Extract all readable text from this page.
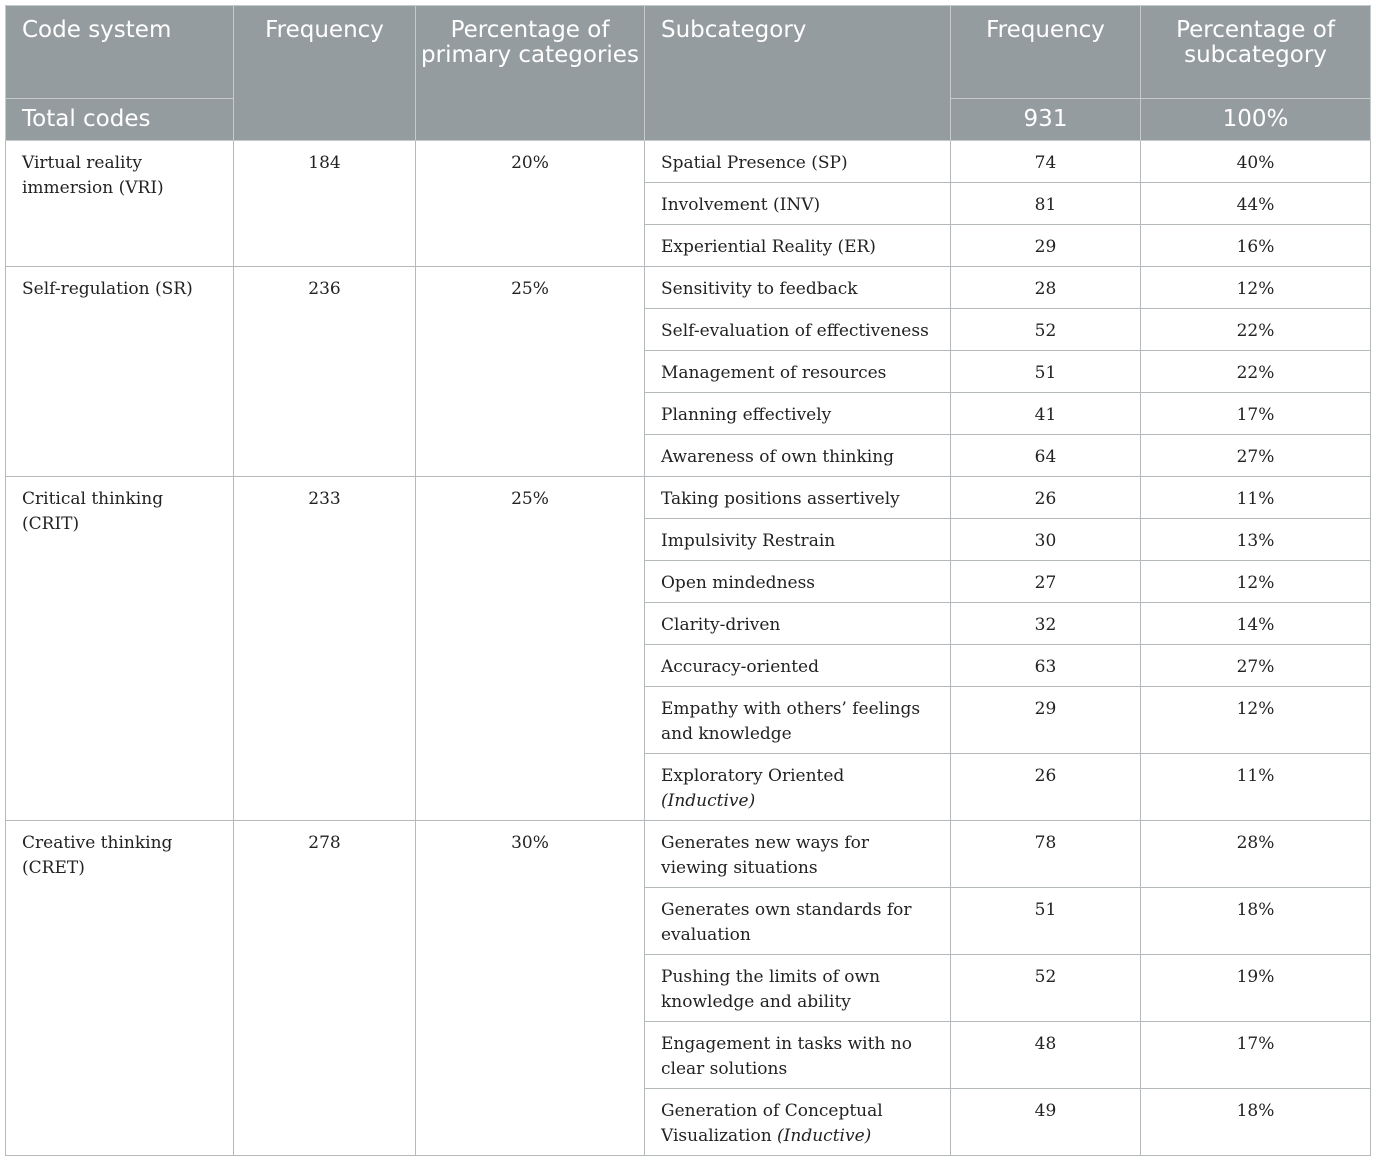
Code system	Frequency	Percentage of primary categories	Subcategory	Frequency	Percentage of subcategory
Total codes				931	100%
Virtual reality immersion (VRI)	184	20%	Spatial Presence (SP)	74	40%
			Involvement (INV)	81	44%
			Experiential Reality (ER)	29	16%
Self-regulation (SR)	236	25%	Sensitivity to feedback	28	12%
			Self-evaluation of effectiveness	52	22%
			Management of resources	51	22%
			Planning effectively	41	17%
			Awareness of own thinking	64	27%
Critical thinking (CRIT)	233	25%	Taking positions assertively	26	11%
			Impulsivity Restrain	30	13%
			Open mindedness	27	12%
			Clarity-driven	32	14%
			Accuracy-oriented	63	27%
			Empathy with others’ feelings and knowledge	29	12%
			Exploratory Oriented (Inductive)	26	11%
Creative thinking (CRET)	278	30%	Generates new ways for viewing situations	78	28%
			Generates own standards for evaluation	51	18%
			Pushing the limits of own knowledge and ability	52	19%
			Engagement in tasks with no clear solutions	48	17%
			Generation of Conceptual Visualization (Inductive)	49	18%
